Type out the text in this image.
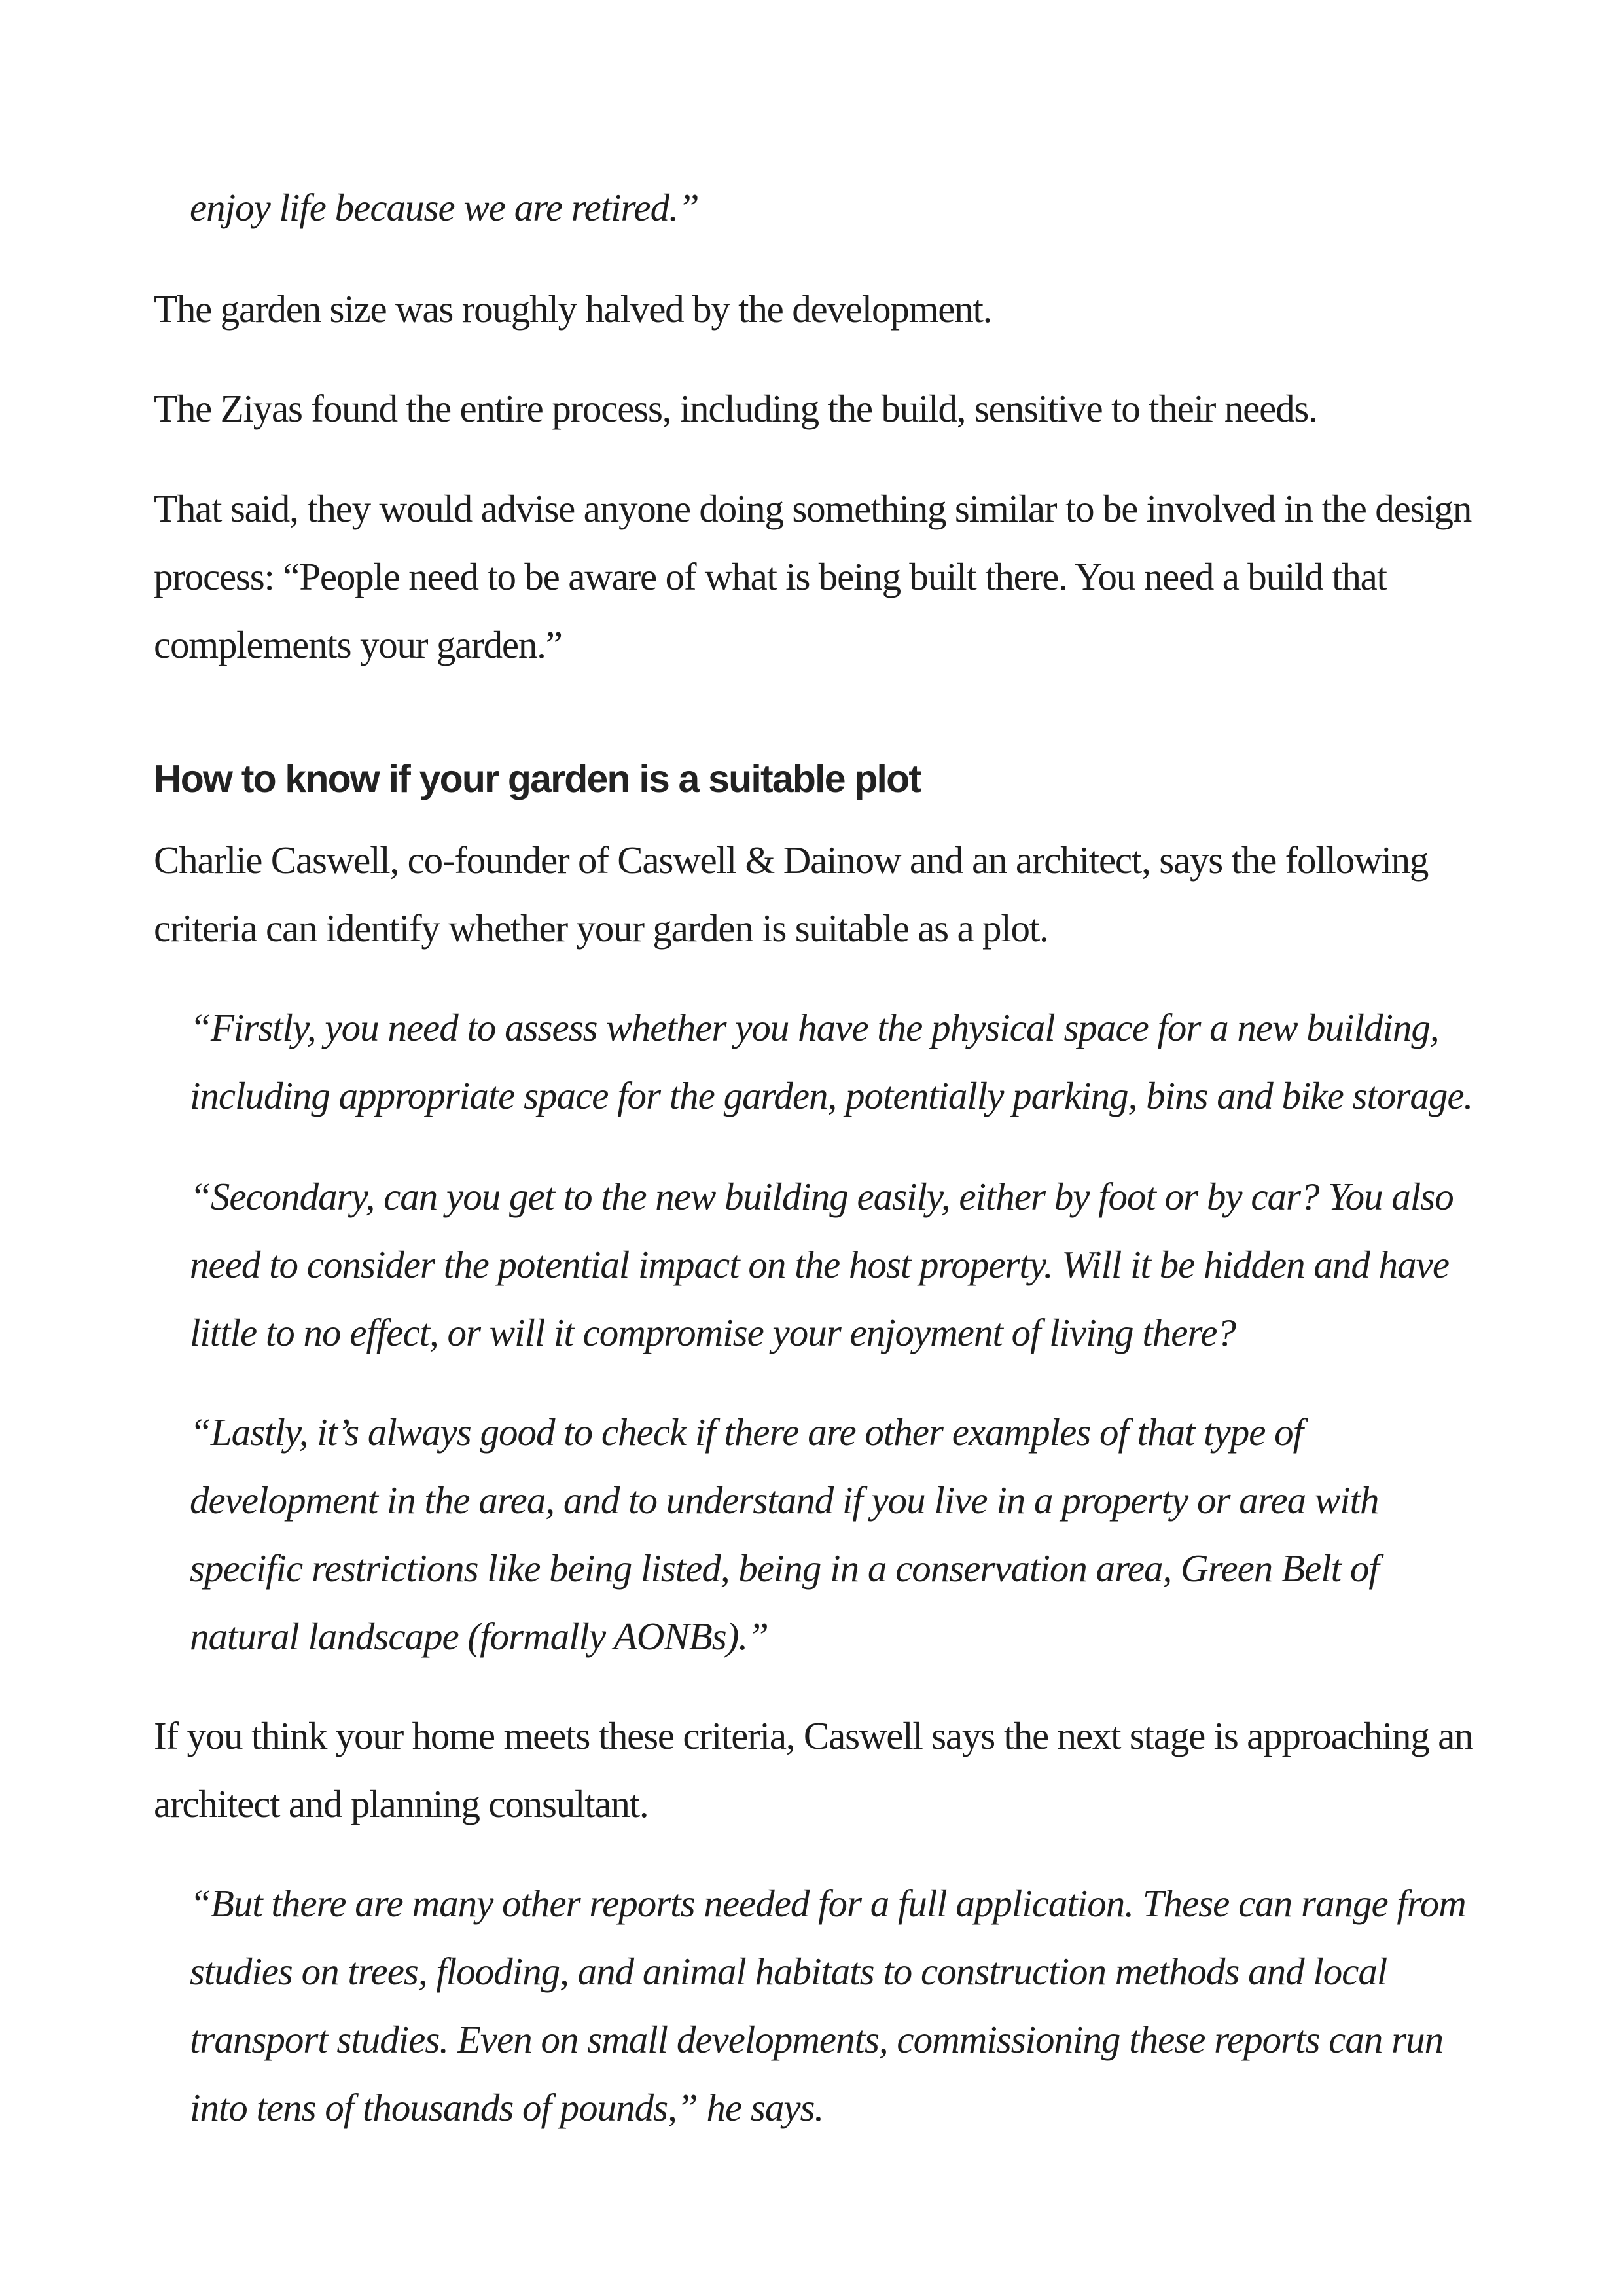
enjoy life because we are retired.”

The garden size was roughly halved by the development.

The Ziyas found the entire process, including the build, sensitive to their needs.

That said, they would advise anyone doing something similar to be involved in the design process: “People need to be aware of what is being built there. You need a build that complements your garden.”

How to know if your garden is a suitable plot

Charlie Caswell, co-founder of Caswell & Dainow and an architect, says the following criteria can identify whether your garden is suitable as a plot.

“Firstly, you need to assess whether you have the physical space for a new building, including appropriate space for the garden, potentially parking, bins and bike storage.

“Secondary, can you get to the new building easily, either by foot or by car? You also need to consider the potential impact on the host property. Will it be hidden and have little to no effect, or will it compromise your enjoyment of living there?

“Lastly, it’s always good to check if there are other examples of that type of development in the area, and to understand if you live in a property or area with specific restrictions like being listed, being in a conservation area, Green Belt of natural landscape (formally AONBs).”

If you think your home meets these criteria, Caswell says the next stage is approaching an architect and planning consultant.

“But there are many other reports needed for a full application. These can range from studies on trees, flooding, and animal habitats to construction methods and local transport studies. Even on small developments, commissioning these reports can run into tens of thousands of pounds,” he says.
